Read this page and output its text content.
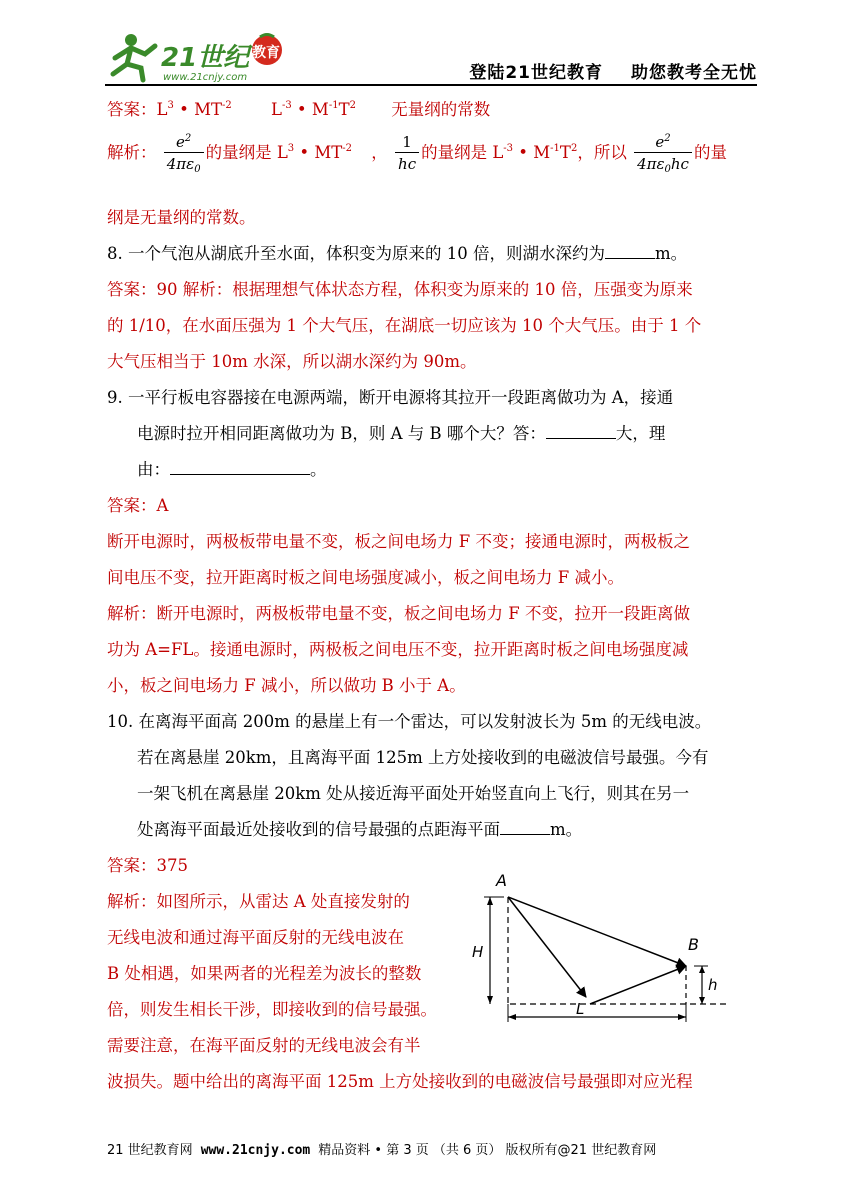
21世纪 教育
www.21cnjy.com	登陆21世纪教育 助您教考全无忧
答案：$L^3$ • $MT^{-2}$ $L^{-3}$ • $M^{-1}T^2$ 无量纲的常数
解析： $\frac{e^2}{4\pi\varepsilon_0}$ 的量纲是 $L^3$ • $MT^{-2}$ ， $\frac{1}{hc}$ 的量纲是 $L^{-3}$ • $M^{-1}T^2$，所以 $\frac{e^2}{4\pi\varepsilon_0hc}$ 的量
纲是无量纲的常数。
8. 一个气泡从湖底升至水面，体积变为原来的 10 倍，则湖水深约为	m。
答案：90 解析：根据理想气体状态方程，体积变为原来的 10 倍，压强变为原来
的 1/10，在水面压强为 1 个大气压，在湖底一切应该为 10 个大气压。由于 1 个
大气压相当于 10m 水深，所以湖水深约为 90m。
9. 一平行板电容器接在电源两端，断开电源将其拉开一段距离做功为 A，接通
电源时拉开相同距离做功为 B，则 A 与 B 哪个大？答：	大，理
由：	。
答案：A
断开电源时，两极板带电量不变，板之间电场力 F 不变；接通电源时，两极板之
间电压不变，拉开距离时板之间电场强度减小，板之间电场力 F 减小。
解析：断开电源时，两极板带电量不变，板之间电场力 F 不变，拉开一段距离做
功为 A=FL。接通电源时，两极板之间电压不变，拉开距离时板之间电场强度减
小，板之间电场力 F 减小，所以做功 B 小于 A。
10. 在离海平面高 200m 的悬崖上有一个雷达，可以发射波长为 5m 的无线电波。
若在离悬崖 20km，且离海平面 125m 上方处接收到的电磁波信号最强。今有
一架飞机在离悬崖 20km 处从接近海平面处开始竖直向上飞行，则其在另一
处离海平面最近处接收到的信号最强的点距海平面	m。
答案：375
解析：如图所示，从雷达 A 处直接发射的
无线电波和通过海平面反射的无线电波在
B 处相遇，如果两者的光程差为波长的整数
倍，则发生相长干涉，即接收到的信号最强。
需要注意，在海平面反射的无线电波会有半
波损失。题中给出的离海平面 125m 上方处接收到的电磁波信号最强即对应光程
A
B
H
h
L
21 世纪教育网 www.21cnjy.com 精品资料 • 第 3 页 （共 6 页） 版权所有@21 世纪教育网
